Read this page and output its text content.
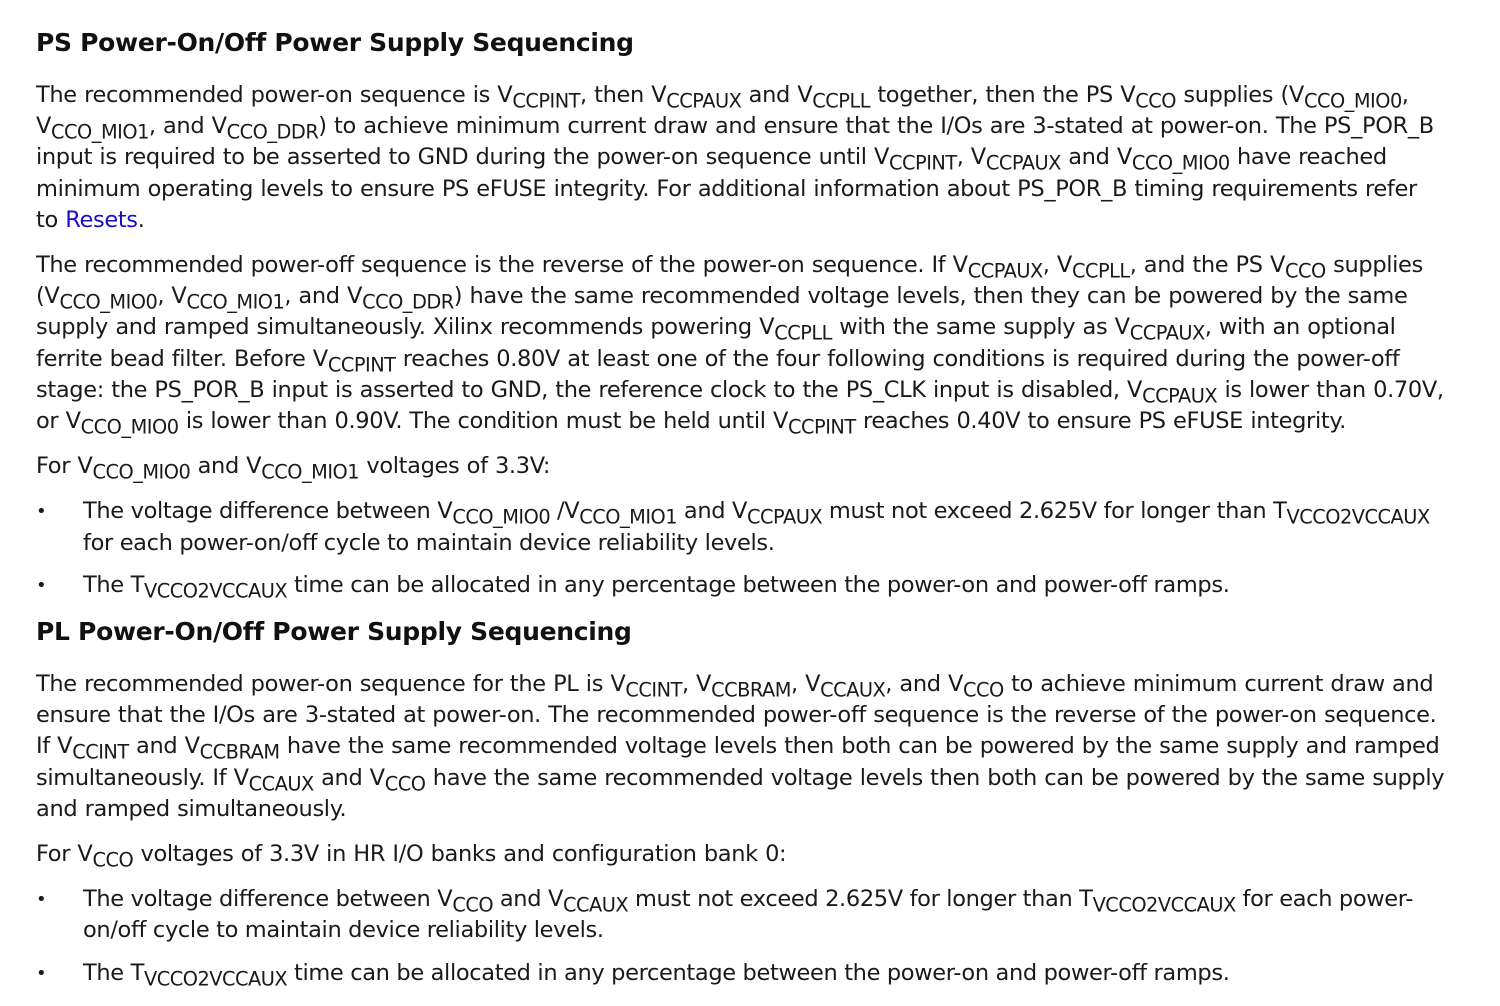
PS Power-On/Off Power Supply Sequencing

The recommended power-on sequence is $V_{CCPINT}$, then $V_{CCPAUX}$ and $V_{CCPLL}$ together, then the PS $V_{CCO}$ supplies ($V_{CCO\_MIO0}$, $V_{CCO\_MIO1}$, and $V_{CCO\_DDR}$) to achieve minimum current draw and ensure that the I/Os are 3-stated at power-on. The PS_POR_B input is required to be asserted to GND during the power-on sequence until $V_{CCPINT}$, $V_{CCPAUX}$ and $V_{CCO\_MIO0}$ have reached minimum operating levels to ensure PS eFUSE integrity. For additional information about PS_POR_B timing requirements refer to Resets.

The recommended power-off sequence is the reverse of the power-on sequence. If $V_{CCPAUX}$, $V_{CCPLL}$, and the PS $V_{CCO}$ supplies ($V_{CCO\_MIO0}$, $V_{CCO\_MIO1}$, and $V_{CCO\_DDR}$) have the same recommended voltage levels, then they can be powered by the same supply and ramped simultaneously. Xilinx recommends powering $V_{CCPLL}$ with the same supply as $V_{CCPAUX}$, with an optional ferrite bead filter. Before $V_{CCPINT}$ reaches 0.80V at least one of the four following conditions is required during the power-off stage: the PS_POR_B input is asserted to GND, the reference clock to the PS_CLK input is disabled, $V_{CCPAUX}$ is lower than 0.70V, or $V_{CCO\_MIO0}$ is lower than 0.90V. The condition must be held until $V_{CCPINT}$ reaches 0.40V to ensure PS eFUSE integrity.

For $V_{CCO\_MIO0}$ and $V_{CCO\_MIO1}$ voltages of 3.3V:

• The voltage difference between $V_{CCO\_MIO0}$ $/V_{CCO\_MIO1}$ and $V_{CCPAUX}$ must not exceed 2.625V for longer than $T_{VCCO2VCCAUX}$ for each power-on/off cycle to maintain device reliability levels.
• The $T_{VCCO2VCCAUX}$ time can be allocated in any percentage between the power-on and power-off ramps.
PL Power-On/Off Power Supply Sequencing

The recommended power-on sequence for the PL is $V_{CCINT}$, $V_{CCBRAM}$, $V_{CCAUX}$, and $V_{CCO}$ to achieve minimum current draw and ensure that the I/Os are 3-stated at power-on. The recommended power-off sequence is the reverse of the power-on sequence. If $V_{CCINT}$ and $V_{CCBRAM}$ have the same recommended voltage levels then both can be powered by the same supply and ramped simultaneously. If $V_{CCAUX}$ and $V_{CCO}$ have the same recommended voltage levels then both can be powered by the same supply and ramped simultaneously.

For $V_{CCO}$ voltages of 3.3V in HR I/O banks and configuration bank 0:

• The voltage difference between $V_{CCO}$ and $V_{CCAUX}$ must not exceed 2.625V for longer than $T_{VCCO2VCCAUX}$ for each power-on/off cycle to maintain device reliability levels.
• The $T_{VCCO2VCCAUX}$ time can be allocated in any percentage between the power-on and power-off ramps.
